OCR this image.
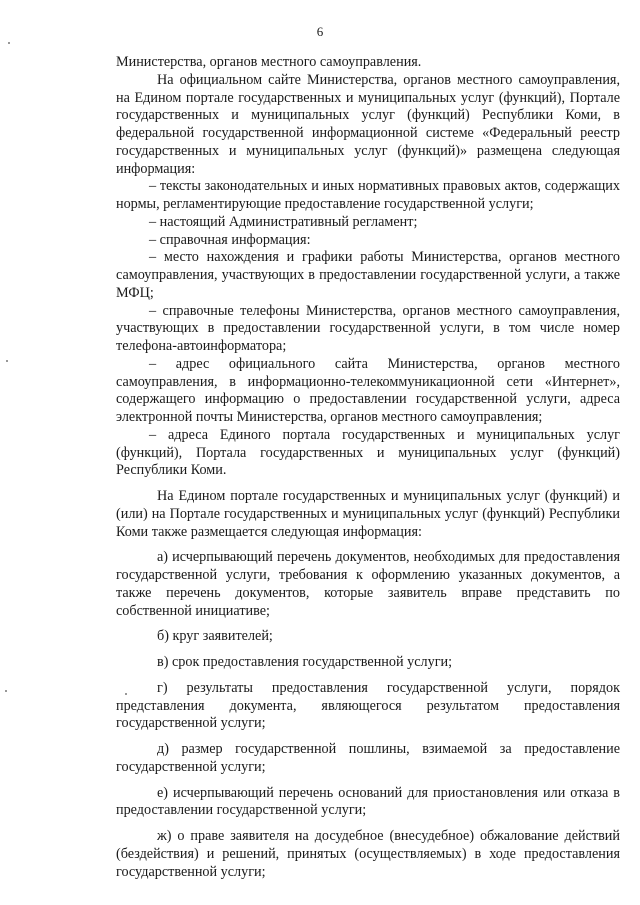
6

Министерства, органов местного самоуправления.

На официальном сайте Министерства, органов местного самоуправления, на Едином портале государственных и муниципальных услуг (функций), Портале государственных и муниципальных услуг (функций) Республики Коми, в федеральной государственной информационной системе «Федеральный реестр государственных и муниципальных услуг (функций)» размещена следующая информация:

– тексты законодательных и иных нормативных правовых актов, содержащих нормы, регламентирующие предоставление государственной услуги;

– настоящий Административный регламент;

– справочная информация:

– место нахождения и графики работы Министерства, органов местного самоуправления, участвующих в предоставлении государственной услуги, а также МФЦ;

– справочные телефоны Министерства, органов местного самоуправления, участвующих в предоставлении государственной услуги, в том числе номер телефона-автоинформатора;

– адрес официального сайта Министерства, органов местного самоуправления, в информационно-телекоммуникационной сети «Интернет», содержащего информацию о предоставлении государственной услуги, адреса электронной почты Министерства, органов местного самоуправления;

– адреса Единого портала государственных и муниципальных услуг (функций), Портала государственных и муниципальных услуг (функций) Республики Коми.

На Едином портале государственных и муниципальных услуг (функций) и (или) на Портале государственных и муниципальных услуг (функций) Республики Коми также размещается следующая информация:

а) исчерпывающий перечень документов, необходимых для предоставления государственной услуги, требования к оформлению указанных документов, а также перечень документов, которые заявитель вправе представить по собственной инициативе;

б) круг заявителей;

в) срок предоставления государственной услуги;

г) результаты предоставления государственной услуги, порядок представления документа, являющегося результатом предоставления государственной услуги;

д) размер государственной пошлины, взимаемой за предоставление государственной услуги;

е) исчерпывающий перечень оснований для приостановления или отказа в предоставлении государственной услуги;

ж) о праве заявителя на досудебное (внесудебное) обжалование действий (бездействия) и решений, принятых (осуществляемых) в ходе предоставления государственной услуги;
